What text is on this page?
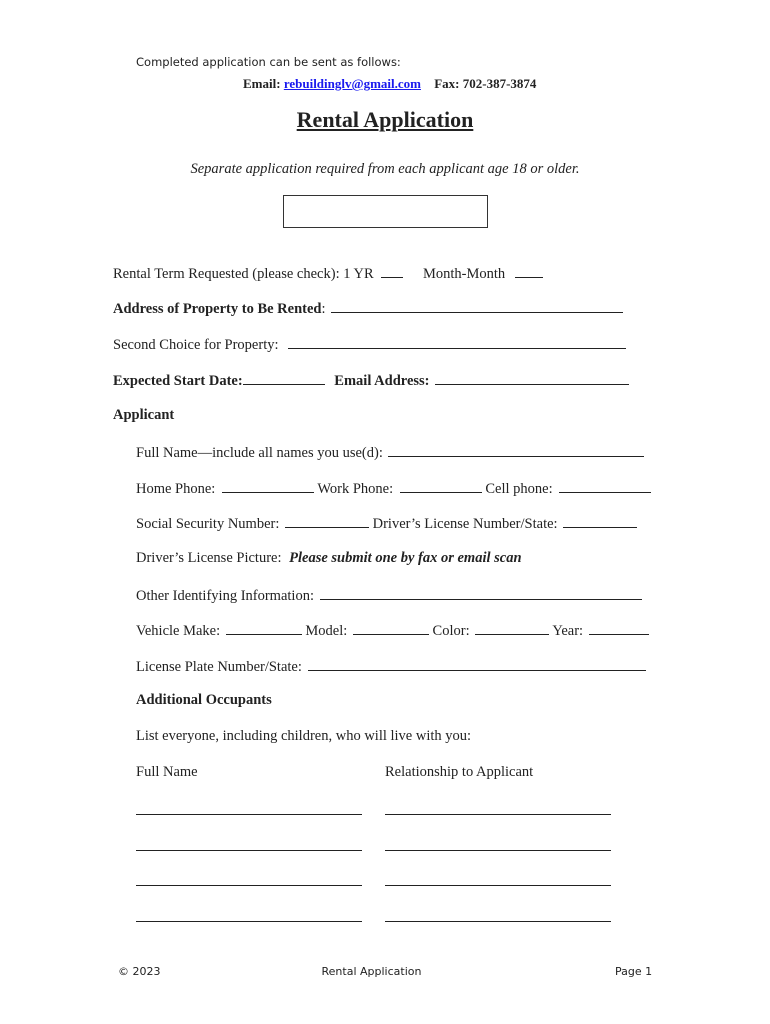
Completed application can be sent as follows:
Email: rebuildinglv@gmail.com Fax: 702-387-3874
Rental Application
Separate application required from each applicant age 18 or older.
Rental Term Requested (please check): 1 YR	Month-Month
Address of Property to Be Rented:
Second Choice for Property:
Expected Start Date:	Email Address:
Applicant
Full Name—include all names you use(d):
Home Phone:	Work Phone:	Cell phone:
Social Security Number:	Driver’s License Number/State:
Driver’s License Picture: Please submit one by fax or email scan
Other Identifying Information:
Vehicle Make:	Model:	Color:	Year:
License Plate Number/State:
Additional Occupants
List everyone, including children, who will live with you:
Full Name	Relationship to Applicant
© 2023	Rental Application	Page 1
